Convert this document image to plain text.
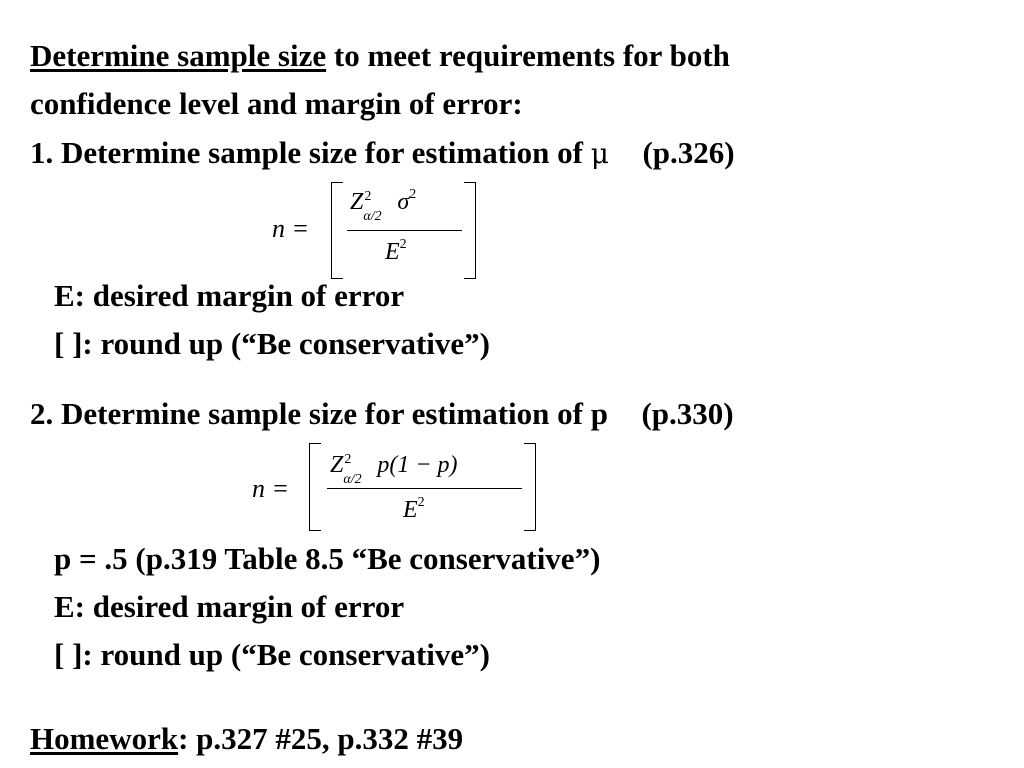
Determine sample size to meet requirements for both
confidence level and margin of error:
1. Determine sample size for estimation of μ (p.326)
n =
Z 2
α/2
$\sigma^2$
$E^2$
E: desired margin of error
[ ]: round up (“Be conservative”)
2. Determine sample size for estimation of p (p.330)
n =
Z 2
α/2
p(1 − p)
$E^2$
p = .5 (p.319 Table 8.5 “Be conservative”)
E: desired margin of error
[ ]: round up (“Be conservative”)
Homework: p.327 #25, p.332 #39
